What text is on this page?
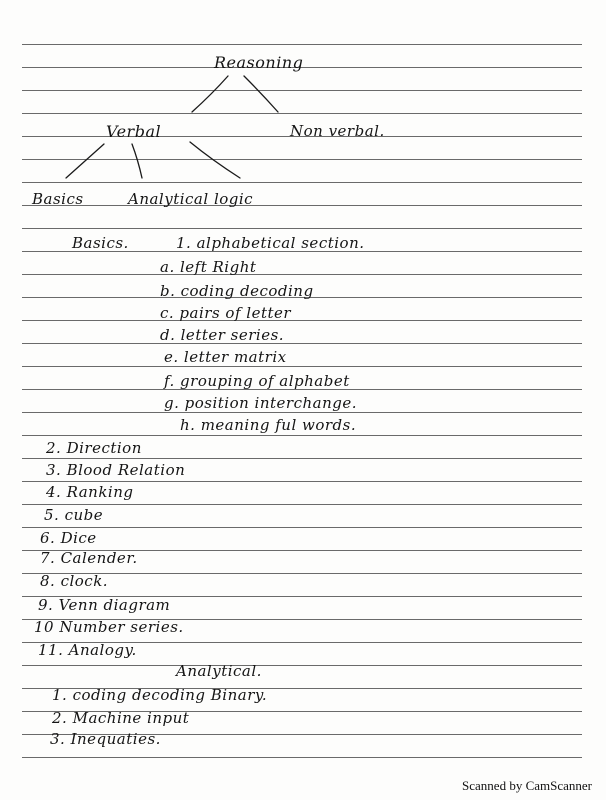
Reasoning
Verbal	Non verbal.
Basics	Analytical logic
Basics.	1. alphabetical section.
a. left Right
b. coding decoding
c. pairs of letter
d. letter series.
e. letter matrix
f. grouping of alphabet
g. position interchange.
h. meaning ful words.
2. Direction
3. Blood Relation
4. Ranking
5. cube
6. Dice
7. Calender.
8. clock.
9. Venn diagram
10 Number series.
11. Analogy.
Analytical.
1. coding decoding Binary.
2. Machine input
3. Inequaties.
Scanned by CamScanner
